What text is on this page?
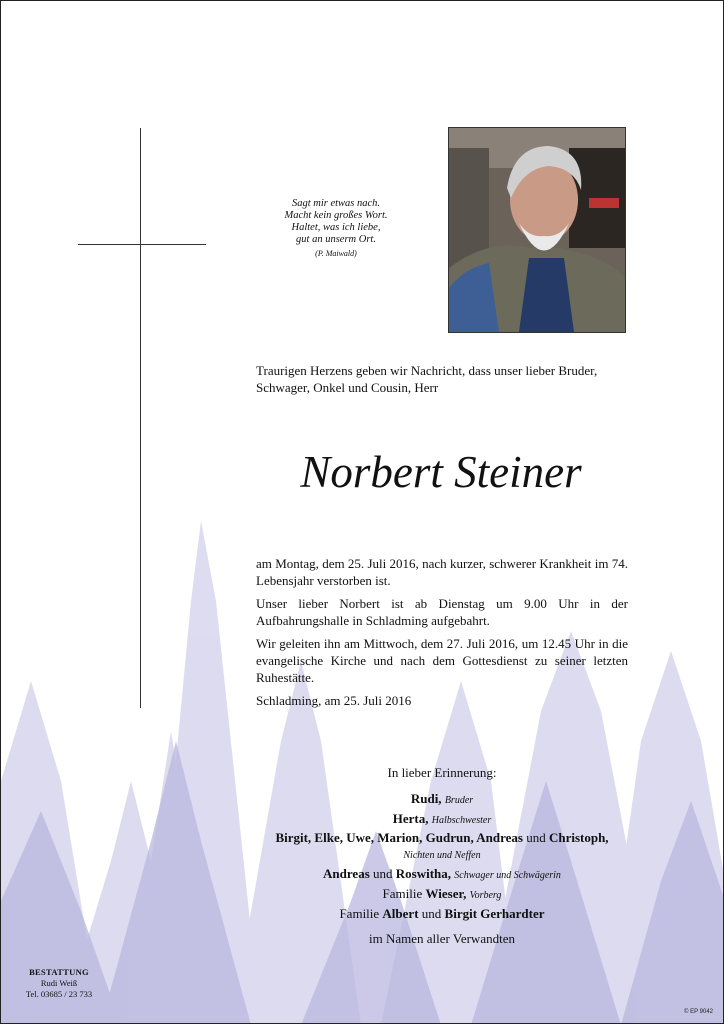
Sagt mir etwas nach.
Macht kein großes Wort.
Haltet, was ich liebe,
gut an unserm Ort.
(P. Maiwald)
Traurigen Herzens geben wir Nachricht, dass unser lieber Bruder,
Schwager, Onkel und Cousin, Herr
Norbert Steiner

am Montag, dem 25. Juli 2016, nach kurzer, schwerer Krankheit im 74. Lebensjahr verstorben ist.

Unser lieber Norbert ist ab Dienstag um 9.00 Uhr in der Aufbahrungshalle in Schladming aufgebahrt.

Wir geleiten ihn am Mittwoch, dem 27. Juli 2016, um 12.45 Uhr in die evangelische Kirche und nach dem Gottesdienst zu seiner letzten Ruhestätte.

Schladming, am 25. Juli 2016

In lieber Erinnerung:
Rudi, Bruder
Herta, Halbschwester
Birgit, Elke, Uwe, Marion, Gudrun, Andreas und Christoph,
Nichten und Neffen
Andreas und Roswitha, Schwager und Schwägerin
Familie Wieser, Vorberg
Familie Albert und Birgit Gerhardter
im Namen aller Verwandten
BESTATTUNG
Rudi Weiß
Tel. 03685 / 23 733
© EP 9042
